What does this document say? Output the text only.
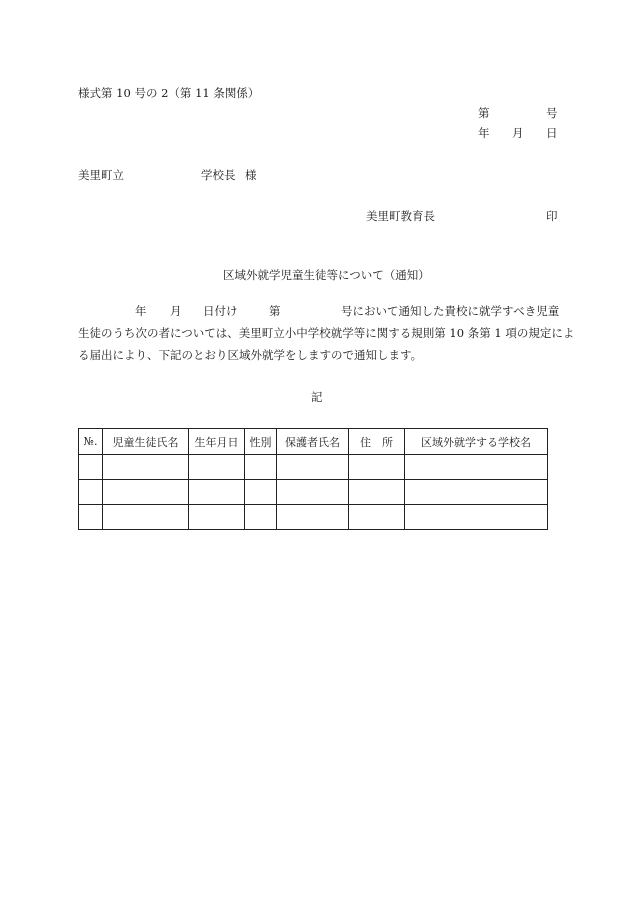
様式第 10 号の 2（第 11 条関係）
第	号
年 月 日
美里町立	学校長 様
美里町教育長	印
区域外就学児童生徒等について（通知）
年 月 日付け	第	号において通知した貴校に就学すべき児童
生徒のうち次の者については、美里町立小中学校就学等に関する規則第 10 条第 1 項の規定によ
る届出により、下記のとおり区域外就学をしますので通知します。
記
№.	児童生徒氏名	生年月日	性別	保護者氏名	住　所	区域外就学する学校名
